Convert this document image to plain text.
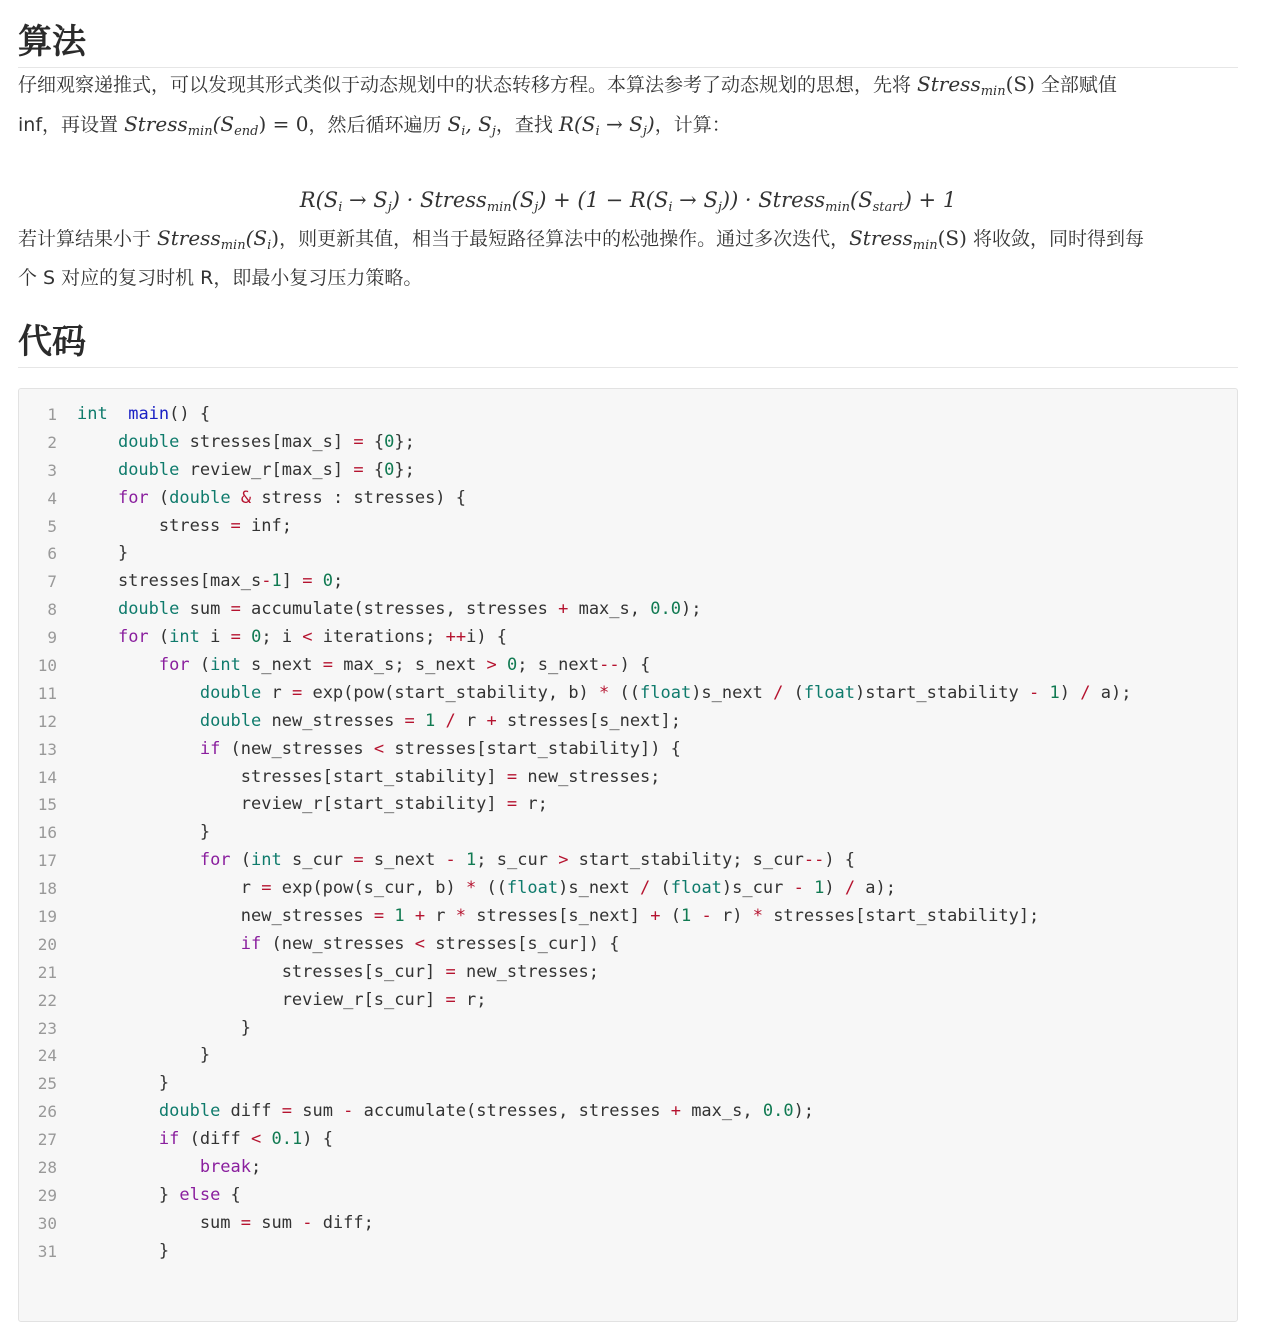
算法

仔细观察递推式，可以发现其形式类似于动态规划中的状态转移方程。本算法参考了动态规划的思想，先将 Stress$_{min}$(S) 全部赋值
inf，再设置 $Stress_{min}(S_{end}) = 0$，然后循环遍历 $S_i$, $S_j$，查找 $R(S_i \to S_j)$，计算：

$R(S_i \to S_j)$ · $Stress_{min}(S_j) + (1 - R(S_i \to S_j))$ · $Stress_{min}(S_{start}) + 1$

若计算结果小于 $Stress_{min}(S_i)$，则更新其值，相当于最短路径算法中的松弛操作。通过多次迭代，Stress$_{min}$(S) 将收敛，同时得到每
个 S 对应的复习时机 R，即最小复习压力策略。

代码
1	int main() {
2	double stresses[max_s] = {0};
3	double review_r[max_s] = {0};
4	for (double & stress : stresses) {
5	stress = inf;
6	}
7	stresses[max_s-1] = 0;
8	double sum = accumulate(stresses, stresses + max_s, 0.0);
9	for (int i = 0; i < iterations; ++i) {
10	for (int s_next = max_s; s_next > 0; s_next--) {
11	double r = exp(pow(start_stability, b) * ((float)s_next / (float)start_stability - 1) / a);
12	double new_stresses = 1 / r + stresses[s_next];
13	if (new_stresses < stresses[start_stability]) {
14	stresses[start_stability] = new_stresses;
15	review_r[start_stability] = r;
16	}
17	for (int s_cur = s_next - 1; s_cur > start_stability; s_cur--) {
18	r = exp(pow(s_cur, b) * ((float)s_next / (float)s_cur - 1) / a);
19	new_stresses = 1 + r * stresses[s_next] + (1 - r) * stresses[start_stability];
20	if (new_stresses < stresses[s_cur]) {
21	stresses[s_cur] = new_stresses;
22	review_r[s_cur] = r;
23	}
24	}
25	}
26	double diff = sum - accumulate(stresses, stresses + max_s, 0.0);
27	if (diff < 0.1) {
28	break;
29	} else {
30	sum = sum - diff;
31	}
